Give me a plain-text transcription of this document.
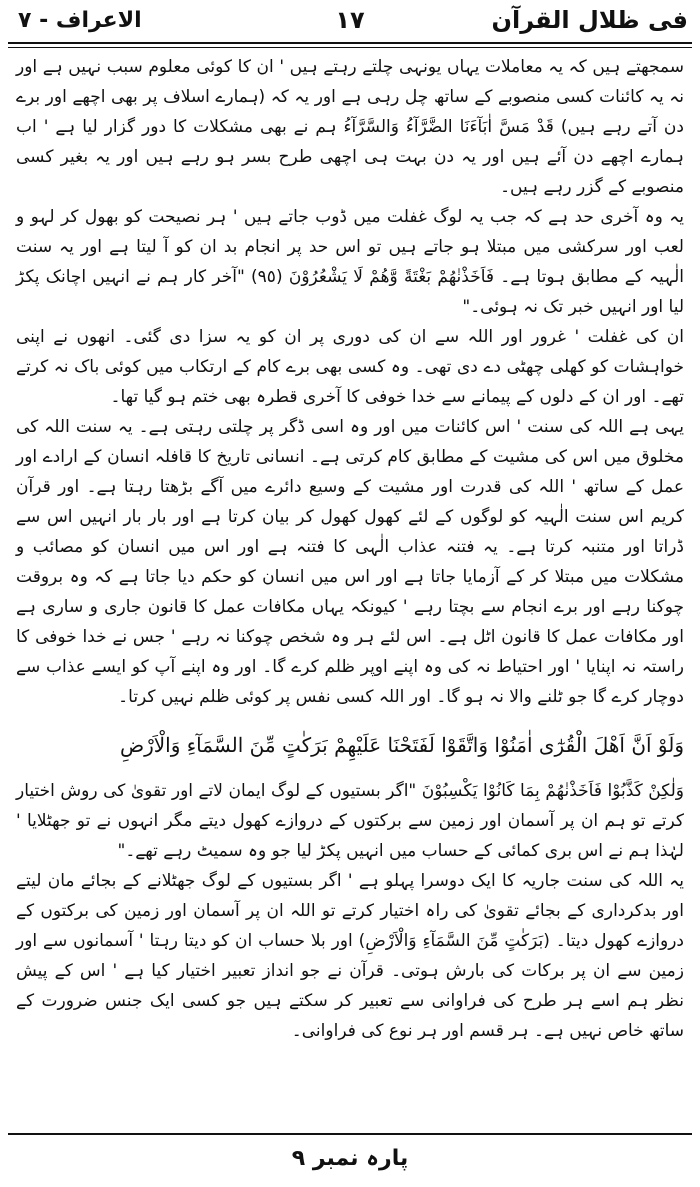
فی ظلال القرآن
١٧
الاعراف - ٧

سمجھتے ہیں کہ یہ معاملات یہاں یونہی چلتے رہتے ہیں ' ان کا کوئی معلوم سبب نہیں ہے اور نہ یہ کائنات کسی منصوبے کے ساتھ چل رہی ہے اور یہ کہ (ہمارے اسلاف پر بھی اچھے اور برے دن آتے رہے ہیں) قَدْ مَسَّ اٰبَآءَنَا الضَّرَّآءُ وَالسَّرَّآءُ ہم نے بھی مشکلات کا دور گزار لیا ہے ' اب ہمارے اچھے دن آئے ہیں اور یہ دن بہت ہی اچھی طرح بسر ہو رہے ہیں اور یہ بغیر کسی منصوبے کے گزر رہے ہیں۔

یہ وہ آخری حد ہے کہ جب یہ لوگ غفلت میں ڈوب جاتے ہیں ' ہر نصیحت کو بھول کر لہو و لعب اور سرکشی میں مبتلا ہو جاتے ہیں تو اس حد پر انجام بد ان کو آ لیتا ہے اور یہ سنت الٰہیہ کے مطابق ہوتا ہے۔ فَاَخَذْنٰھُمْ بَغْتَةً وَّھُمْ لَا يَشْعُرُوْنَ (٩٥) "آخر کار ہم نے انہیں اچانک پکڑ لیا اور انہیں خبر تک نہ ہوئی۔"

ان کی غفلت ' غرور اور اللہ سے ان کی دوری پر ان کو یہ سزا دی گئی۔ انھوں نے اپنی خواہشات کو کھلی چھٹی دے دی تھی۔ وہ کسی بھی برے کام کے ارتکاب میں کوئی باک نہ کرتے تھے۔ اور ان کے دلوں کے پیمانے سے خدا خوفی کا آخری قطرہ بھی ختم ہو گیا تھا۔

یہی ہے اللہ کی سنت ' اس کائنات میں اور وہ اسی ڈگر پر چلتی رہتی ہے۔ یہ سنت اللہ کی مخلوق میں اس کی مشیت کے مطابق کام کرتی ہے۔ انسانی تاریخ کا قافلہ انسان کے ارادے اور عمل کے ساتھ ' اللہ کی قدرت اور مشیت کے وسیع دائرے میں آگے بڑھتا رہتا ہے۔ اور قرآن کریم اس سنت الٰہیہ کو لوگوں کے لئے کھول کھول کر بیان کرتا ہے اور بار بار انہیں اس سے ڈراتا اور متنبہ کرتا ہے۔ یہ فتنہ عذاب الٰہی کا فتنہ ہے اور اس میں انسان کو مصائب و مشکلات میں مبتلا کر کے آزمایا جاتا ہے اور اس میں انسان کو حکم دیا جاتا ہے کہ وہ بروقت چوکنا رہے اور برے انجام سے بچتا رہے ' کیونکہ یہاں مکافات عمل کا قانون جاری و ساری ہے اور مکافات عمل کا قانون اٹل ہے۔ اس لئے ہر وہ شخص چوکنا نہ رہے ' جس نے خدا خوفی کا راستہ نہ اپنایا ' اور احتیاط نہ کی وہ اپنے اوپر ظلم کرے گا۔ اور وہ اپنے آپ کو ایسے عذاب سے دوچار کرے گا جو ٹلنے والا نہ ہو گا۔ اور اللہ کسی نفس پر کوئی ظلم نہیں کرتا۔

وَلَوْ اَنَّ اَھْلَ الْقُرٰٓى اٰمَنُوْا وَاتَّقَوْا لَفَتَحْنَا عَلَيْھِمْ بَرَكٰتٍ مِّنَ السَّمَآءِ وَالْاَرْضِ

وَلٰكِنْ كَذَّبُوْا فَاَخَذْنٰھُمْ بِمَا كَانُوْا يَكْسِبُوْنَ "اگر بستیوں کے لوگ ایمان لاتے اور تقویٰ کی روش اختیار کرتے تو ہم ان پر آسمان اور زمین سے برکتوں کے دروازے کھول دیتے مگر انہوں نے تو جھٹلایا ' لہٰذا ہم نے اس بری کمائی کے حساب میں انہیں پکڑ لیا جو وہ سمیٹ رہے تھے۔"

یہ اللہ کی سنت جاریہ کا ایک دوسرا پہلو ہے ' اگر بستیوں کے لوگ جھٹلانے کے بجائے مان لیتے اور بدکرداری کے بجائے تقویٰ کی راہ اختیار کرتے تو اللہ ان پر آسمان اور زمین کی برکتوں کے دروازے کھول دیتا۔ (بَرَكٰتٍ مِّنَ السَّمَآءِ وَالْاَرْضِ) اور بلا حساب ان کو دیتا رہتا ' آسمانوں سے اور زمین سے ان پر برکات کی بارش ہوتی۔ قرآن نے جو انداز تعبیر اختیار کیا ہے ' اس کے پیش نظر ہم اسے ہر طرح کی فراوانی سے تعبیر کر سکتے ہیں جو کسی ایک جنس ضرورت کے ساتھ خاص نہیں ہے۔ ہر قسم اور ہر نوع کی فراوانی۔

پارہ نمبر ٩
